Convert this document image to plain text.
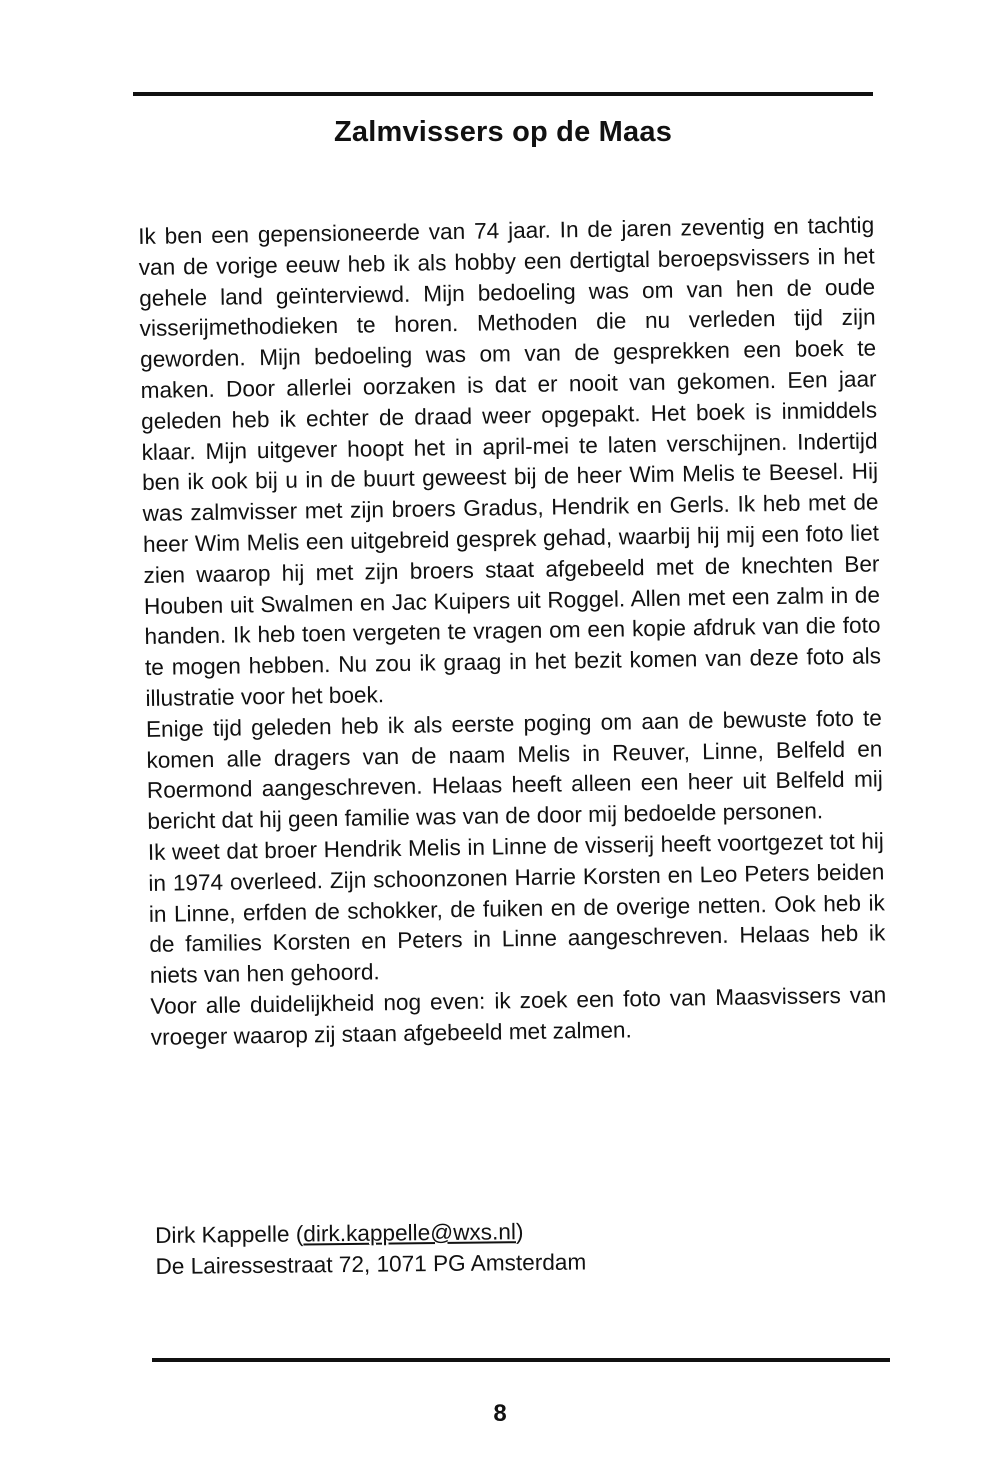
Zalmvissers op de Maas

Ik ben een gepensioneerde van 74 jaar. In de jaren zeventig en tachtig van de vorige eeuw heb ik als hobby een dertigtal beroepsvissers in het gehele land geïnterviewd. Mijn bedoeling was om van hen de oude visserijmethodieken te horen. Methoden die nu verleden tijd zijn geworden. Mijn bedoeling was om van de gesprekken een boek te maken. Door allerlei oorzaken is dat er nooit van gekomen. Een jaar geleden heb ik echter de draad weer opgepakt. Het boek is inmiddels klaar. Mijn uitgever hoopt het in april-mei te laten verschijnen. Indertijd ben ik ook bij u in de buurt geweest bij de heer Wim Melis te Beesel. Hij was zalmvisser met zijn broers Gradus, Hendrik en Gerls. Ik heb met de heer Wim Melis een uitgebreid gesprek gehad, waarbij hij mij een foto liet zien waarop hij met zijn broers staat afgebeeld met de knechten Ber Houben uit Swalmen en Jac Kuipers uit Roggel. Allen met een zalm in de handen. Ik heb toen vergeten te vragen om een kopie afdruk van die foto te mogen hebben. Nu zou ik graag in het bezit komen van deze foto als illustratie voor het boek.

Enige tijd geleden heb ik als eerste poging om aan de bewuste foto te komen alle dragers van de naam Melis in Reuver, Linne, Belfeld en Roermond aangeschreven. Helaas heeft alleen een heer uit Belfeld mij bericht dat hij geen familie was van de door mij bedoelde personen.

Ik weet dat broer Hendrik Melis in Linne de visserij heeft voortgezet tot hij in 1974 overleed. Zijn schoonzonen Harrie Korsten en Leo Peters beiden in Linne, erfden de schokker, de fuiken en de overige netten. Ook heb ik de families Korsten en Peters in Linne aangeschreven. Helaas heb ik niets van hen gehoord.

Voor alle duidelijkheid nog even: ik zoek een foto van Maasvissers van vroeger waarop zij staan afgebeeld met zalmen.

Dirk Kappelle (dirk.kappelle@wxs.nl)
De Lairessestraat 72, 1071 PG Amsterdam
8
